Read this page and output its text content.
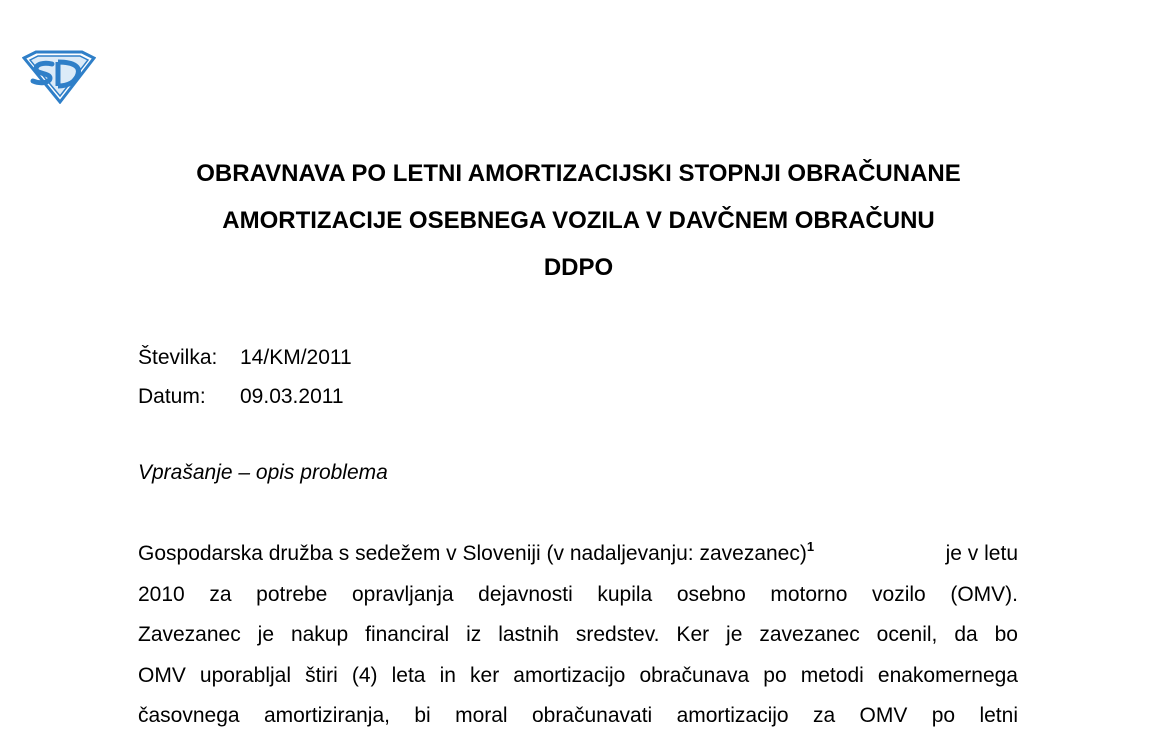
OBRAVNAVA PO LETNI AMORTIZACIJSKI STOPNJI OBRAČUNANE
AMORTIZACIJE OSEBNEGA VOZILA V DAVČNEM OBRAČUNU
DDPO
Številka:	14/KM/2011
Datum:	09.03.2011
Vprašanje – opis problema
Gospodarska družba s sedežem v Sloveniji (v nadaljevanju: zavezanec)$^1$	je v letu
2010 za potrebe opravljanja dejavnosti kupila osebno motorno vozilo (OMV).
Zavezanec je nakup financiral iz lastnih sredstev. Ker je zavezanec ocenil, da bo
OMV uporabljal štiri (4) leta in ker amortizacijo obračunava po metodi enakomernega
časovnega amortiziranja, bi moral obračunavati amortizacijo za OMV po letni
